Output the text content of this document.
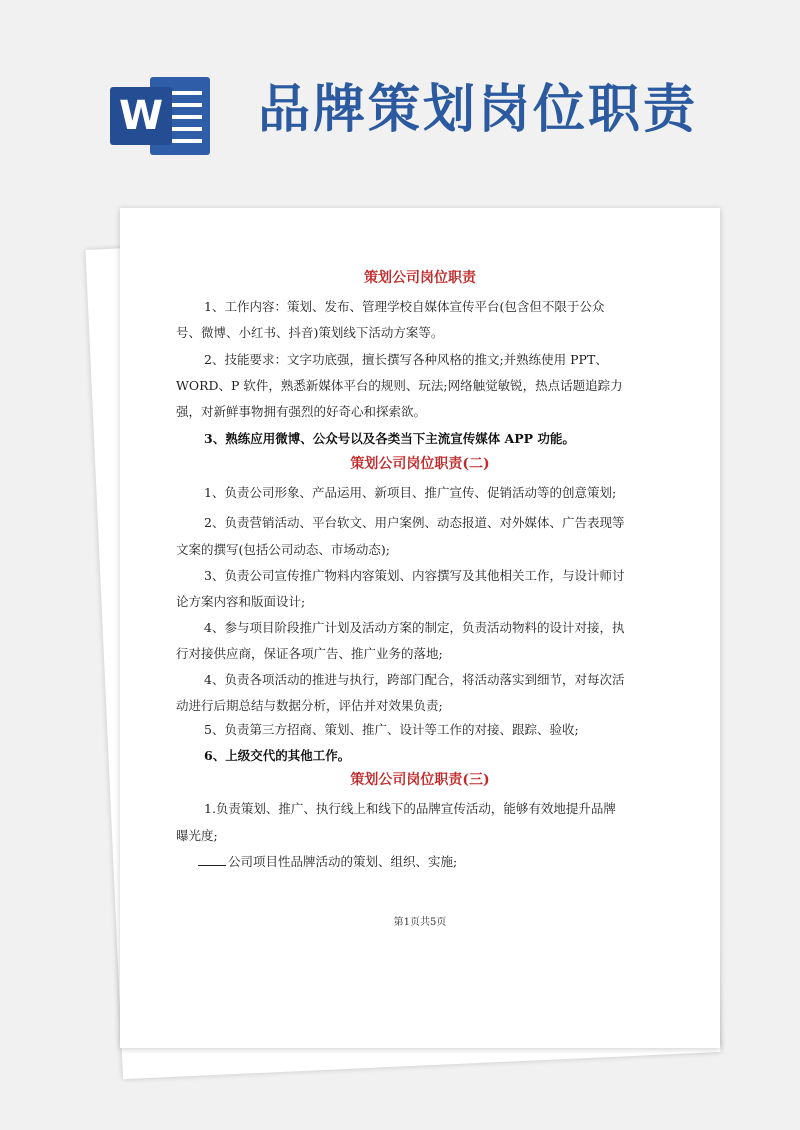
W 品牌策划岗位职责
策划公司岗位职责
1、工作内容：策划、发布、管理学校自媒体宣传平台(包含但不限于公众
号、微博、小红书、抖音)策划线下活动方案等。
2、技能要求：文字功底强，擅长撰写各种风格的推文;并熟练使用 PPT、
WORD、P 软件，熟悉新媒体平台的规则、玩法;网络触觉敏锐，热点话题追踪力
强，对新鲜事物拥有强烈的好奇心和探索欲。
3、熟练应用微博、公众号以及各类当下主流宣传媒体 APP 功能。
策划公司岗位职责(二)
1、负责公司形象、产品运用、新项目、推广宣传、促销活动等的创意策划;
2、负责营销活动、平台软文、用户案例、动态报道、对外媒体、广告表现等
文案的撰写(包括公司动态、市场动态);
3、负责公司宣传推广物料内容策划、内容撰写及其他相关工作，与设计师讨
论方案内容和版面设计;
4、参与项目阶段推广计划及活动方案的制定，负责活动物料的设计对接，执
行对接供应商，保证各项广告、推广业务的落地;
4、负责各项活动的推进与执行，跨部门配合，将活动落实到细节，对每次活
动进行后期总结与数据分析，评估并对效果负责;
5、负责第三方招商、策划、推广、设计等工作的对接、跟踪、验收;
6、上级交代的其他工作。
策划公司岗位职责(三)
1.负责策划、推广、执行线上和线下的品牌宣传活动，能够有效地提升品牌
曝光度;
公司项目性品牌活动的策划、组织、实施;
第1页共5页
